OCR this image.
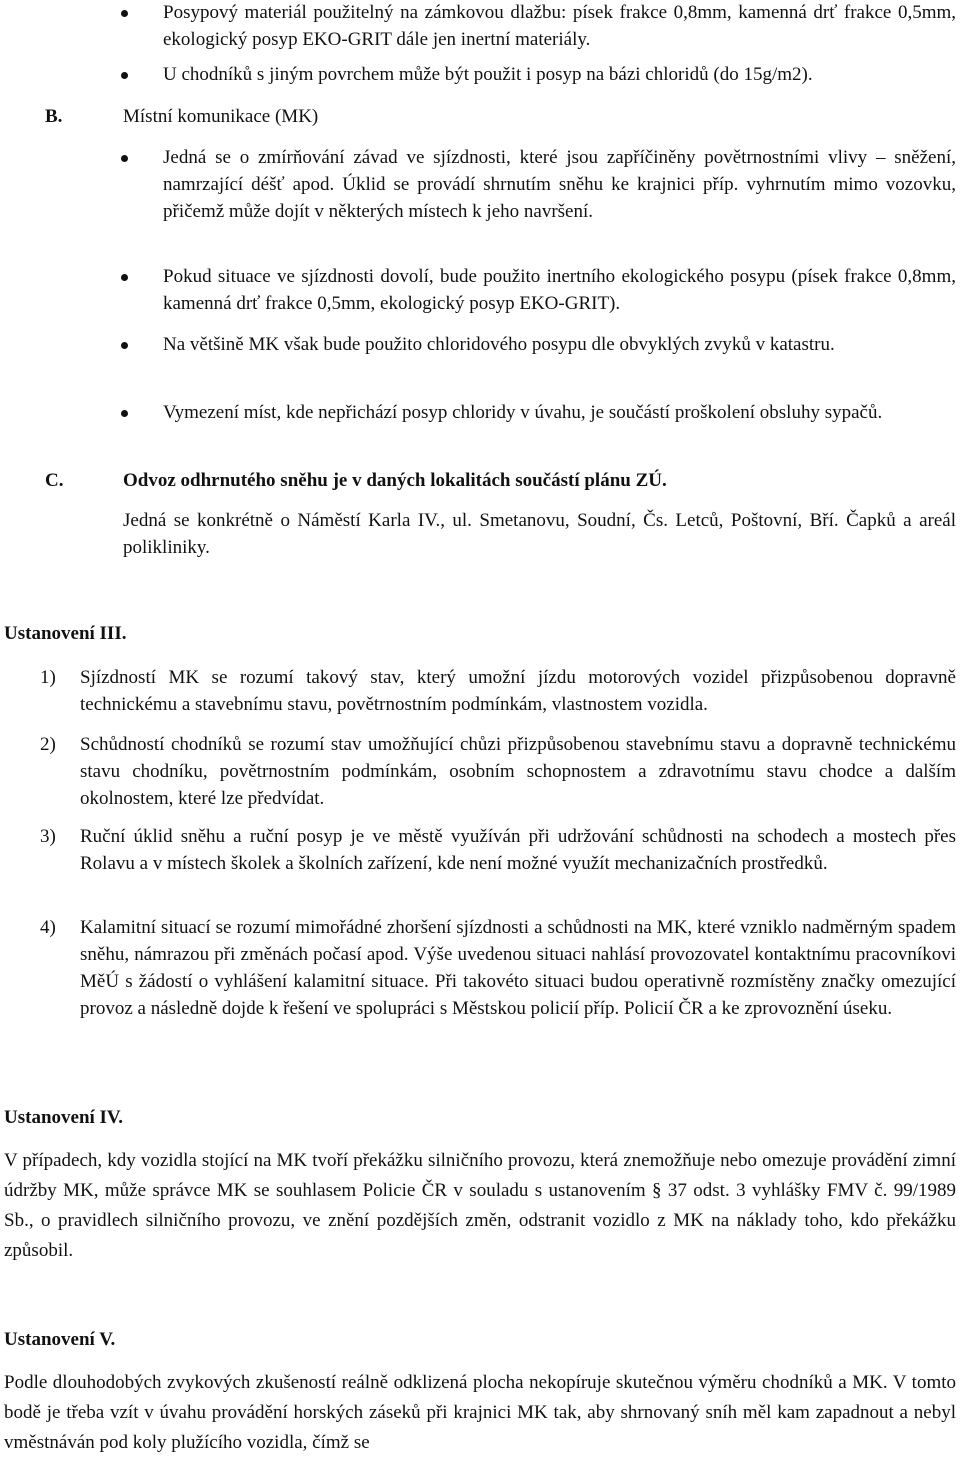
Posypový materiál použitelný na zámkovou dlažbu: písek frakce 0,8mm, kamenná drť frakce 0,5mm, ekologický posyp EKO-GRIT dále jen inertní materiály.

U chodníků s jiným povrchem může být použit i posyp na bázi chloridů (do 15g/m2).

B.	Místní komunikace (MK)

Jedná se o zmírňování závad ve sjízdnosti, které jsou zapříčiněny povětrnostními vlivy – sněžení, namrzající déšť apod. Úklid se provádí shrnutím sněhu ke krajnici příp. vyhrnutím mimo vozovku, přičemž může dojít v některých místech k jeho navršení.

Pokud situace ve sjízdnosti dovolí, bude použito inertního ekologického posypu (písek frakce 0,8mm, kamenná drť frakce 0,5mm, ekologický posyp EKO-GRIT).

Na většině MK však bude použito chloridového posypu dle obvyklých zvyků v katastru.

Vymezení míst, kde nepřichází posyp chloridy v úvahu, je součástí proškolení obsluhy sypačů.

C.	Odvoz odhrnutého sněhu je v daných lokalitách součástí plánu ZÚ.

Jedná se konkrétně o Náměstí Karla IV., ul. Smetanovu, Soudní, Čs. Letců, Poštovní, Bří. Čapků a areál polikliniky.

Ustanovení III.
1) Sjízdností MK se rozumí takový stav, který umožní jízdu motorových vozidel přizpůsobenou dopravně technickému a stavebnímu stavu, povětrnostním podmínkám, vlastnostem vozidla.

2) Schůdností chodníků se rozumí stav umožňující chůzi přizpůsobenou stavebnímu stavu a dopravně technickému stavu chodníku, povětrnostním podmínkám, osobním schopnostem a zdravotnímu stavu chodce a dalším okolnostem, které lze předvídat.

3) Ruční úklid sněhu a ruční posyp je ve městě využíván při udržování schůdnosti na schodech a mostech přes Rolavu a v místech školek a školních zařízení, kde není možné využít mechanizačních prostředků.

4) Kalamitní situací se rozumí mimořádné zhoršení sjízdnosti a schůdnosti na MK, které vzniklo nadměrným spadem sněhu, námrazou při změnách počasí apod. Výše uvedenou situaci nahlásí provozovatel kontaktnímu pracovníkovi MěÚ s žádostí o vyhlášení kalamitní situace. Při takovéto situaci budou operativně rozmístěny značky omezující provoz a následně dojde k řešení ve spolupráci s Městskou policií příp. Policií ČR a ke zprovoznění úseku.

Ustanovení IV.

V případech, kdy vozidla stojící na MK tvoří překážku silničního provozu, která znemožňuje nebo omezuje provádění zimní údržby MK, může správce MK se souhlasem Policie ČR v souladu s ustanovením § 37 odst. 3 vyhlášky FMV č. 99/1989 Sb., o pravidlech silničního provozu, ve znění pozdějších změn, odstranit vozidlo z MK na náklady toho, kdo překážku způsobil.

Ustanovení V.

Podle dlouhodobých zvykových zkušeností reálně odklizená plocha nekopíruje skutečnou výměru chodníků a MK. V tomto bodě je třeba vzít v úvahu provádění horských záseků při krajnici MK tak, aby shrnovaný sníh měl kam zapadnout a nebyl vměstnáván pod koly plužícího vozidla, čímž se
